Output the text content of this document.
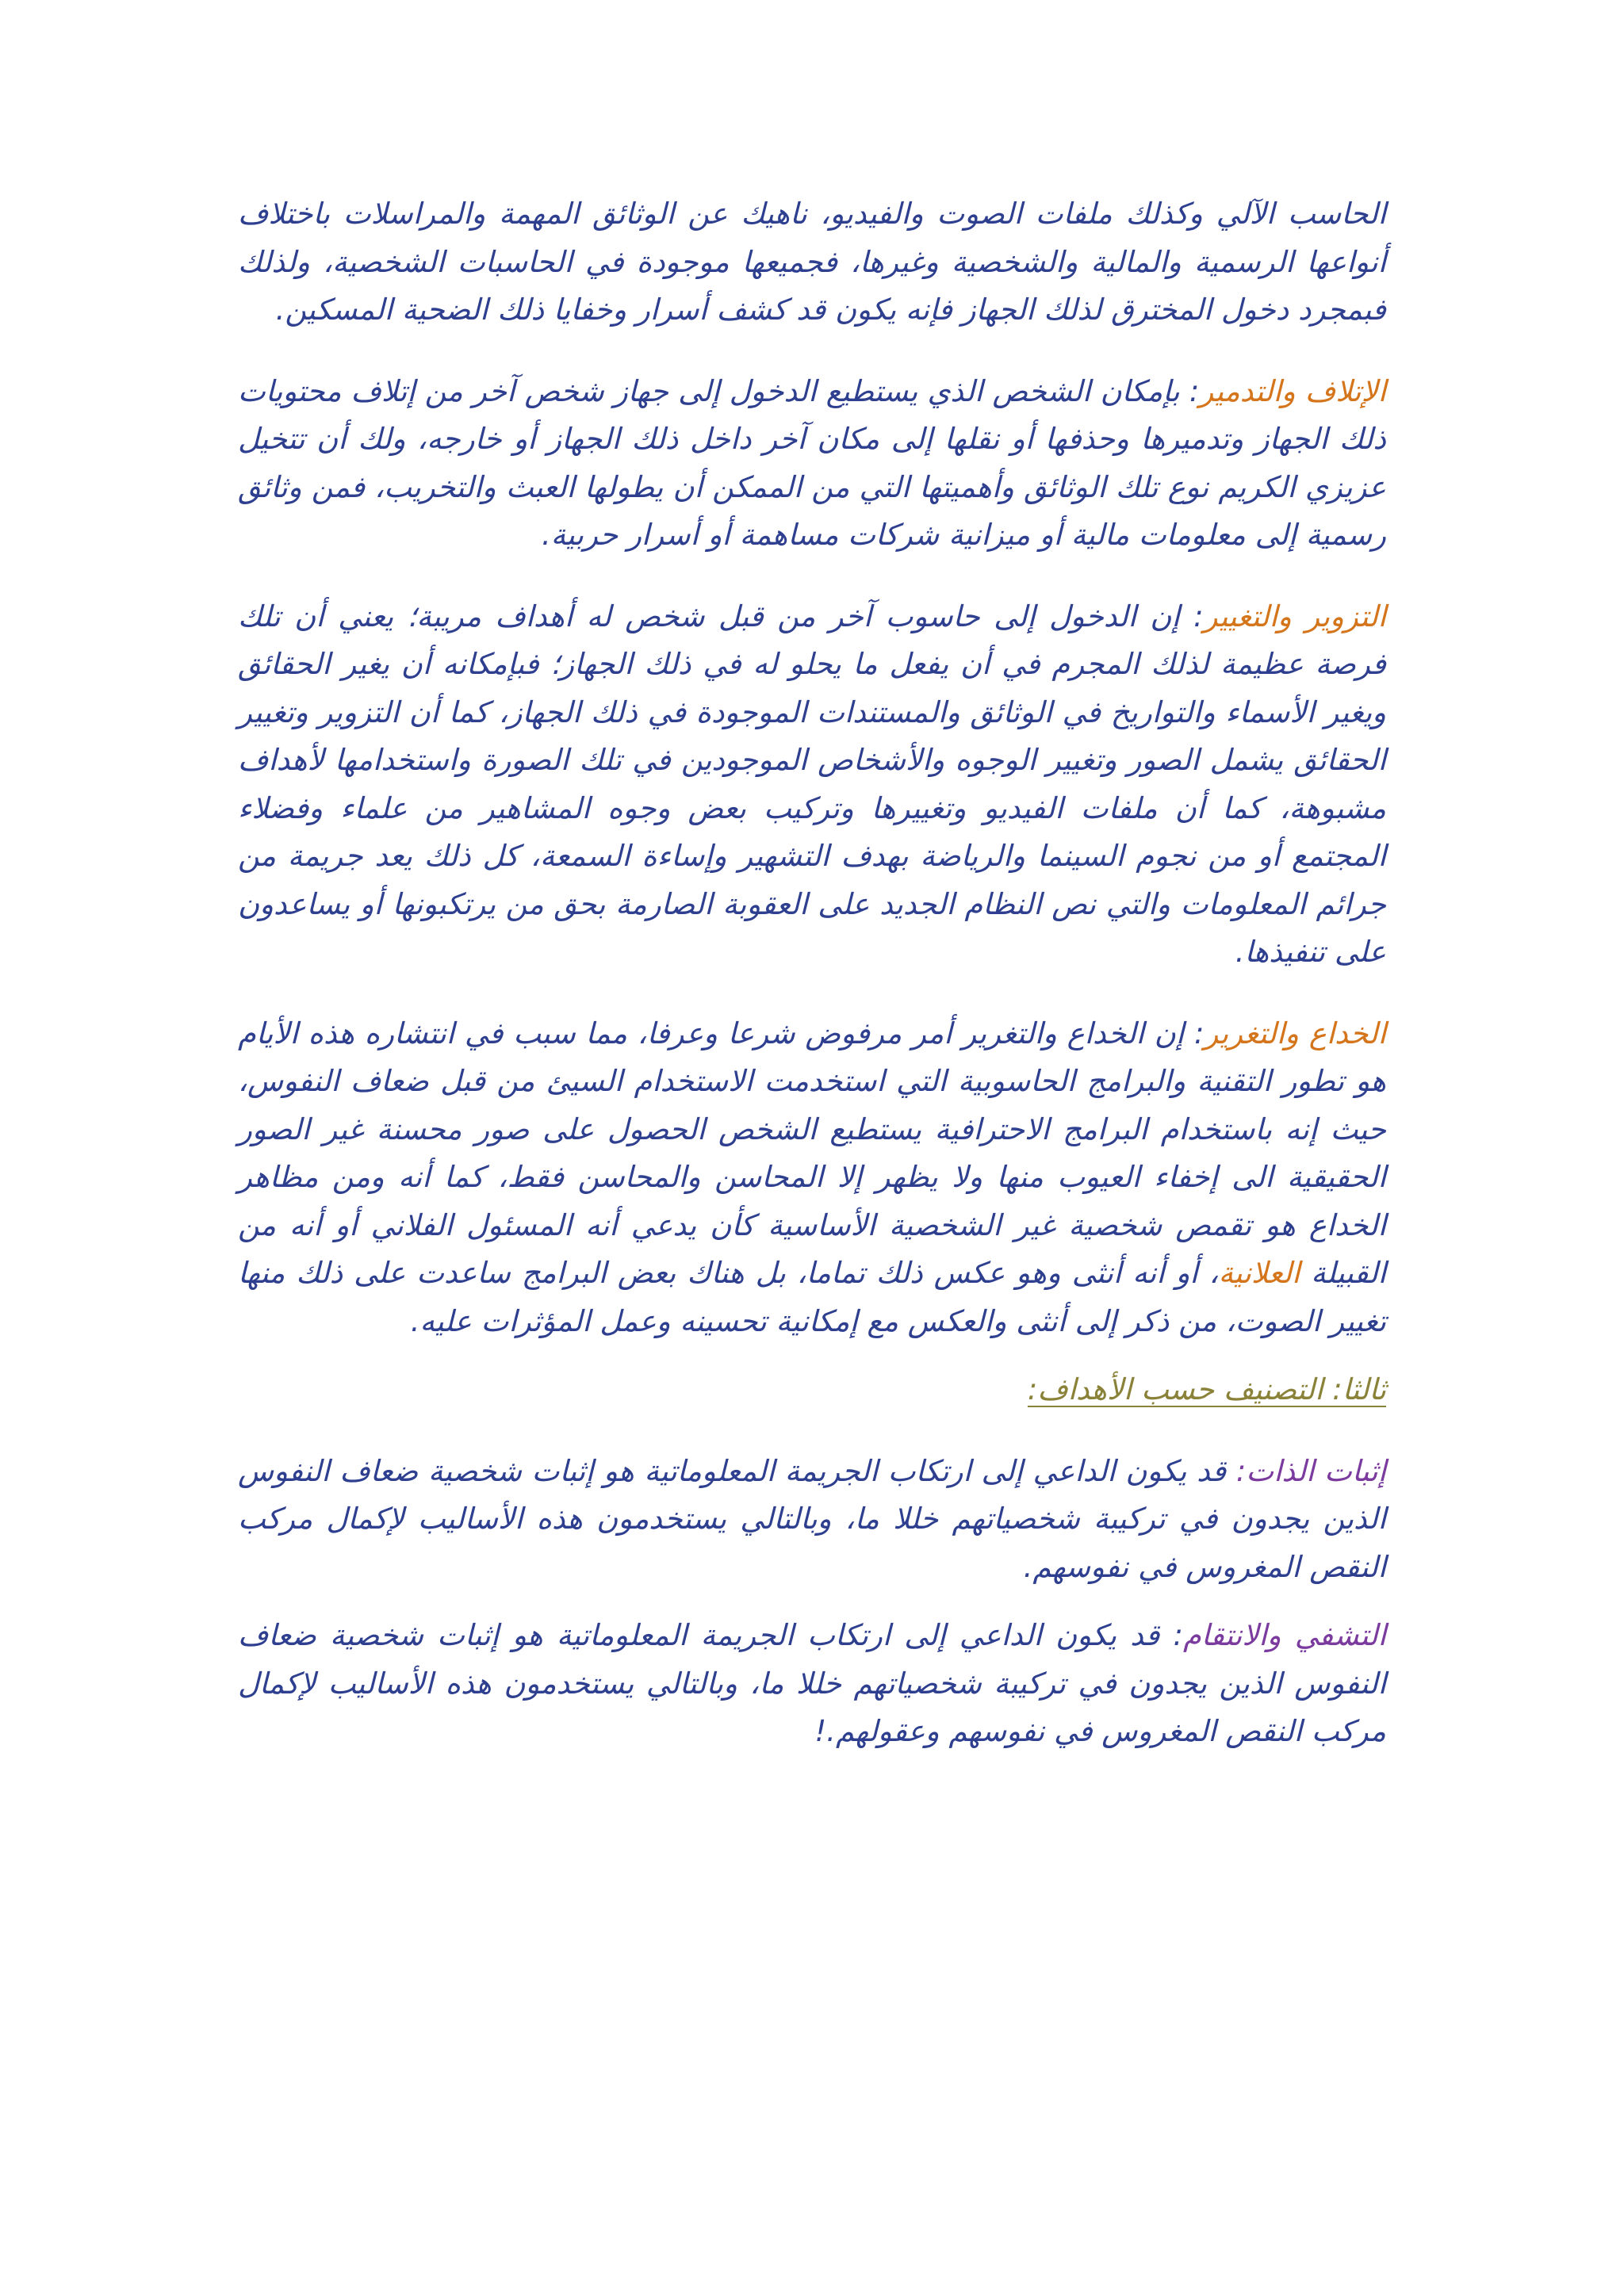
الحاسب الآلي وكذلك ملفات الصوت والفيديو، ناهيك عن الوثائق المهمة والمراسلات باختلاف أنواعها الرسمية والمالية والشخصية وغيرها، فجميعها موجودة في الحاسبات الشخصية، ولذلك فبمجرد دخول المخترق لذلك الجهاز فإنه يكون قد كشف أسرار وخفايا ذلك الضحية المسكين.

الإتلاف والتدمير: بإمكان الشخص الذي يستطيع الدخول إلى جهاز شخص آخر من إتلاف محتويات ذلك الجهاز وتدميرها وحذفها أو نقلها إلى مكان آخر داخل ذلك الجهاز أو خارجه، ولك أن تتخيل عزيزي الكريم نوع تلك الوثائق وأهميتها التي من الممكن أن يطولها العبث والتخريب، فمن وثائق رسمية إلى معلومات مالية أو ميزانية شركات مساهمة أو أسرار حربية.

التزوير والتغيير: إن الدخول إلى حاسوب آخر من قبل شخص له أهداف مريبة؛ يعني أن تلك فرصة عظيمة لذلك المجرم في أن يفعل ما يحلو له في ذلك الجهاز؛ فبإمكانه أن يغير الحقائق ويغير الأسماء والتواريخ في الوثائق والمستندات الموجودة في ذلك الجهاز، كما أن التزوير وتغيير الحقائق يشمل الصور وتغيير الوجوه والأشخاص الموجودين في تلك الصورة واستخدامها لأهداف مشبوهة، كما أن ملفات الفيديو وتغييرها وتركيب بعض وجوه المشاهير من علماء وفضلاء المجتمع أو من نجوم السينما والرياضة بهدف التشهير وإساءة السمعة، كل ذلك يعد جريمة من جرائم المعلومات والتي نص النظام الجديد على العقوبة الصارمة بحق من يرتكبونها أو يساعدون على تنفيذها.

الخداع والتغرير: إن الخداع والتغرير أمر مرفوض شرعا وعرفا، مما سبب في انتشاره هذه الأيام هو تطور التقنية والبرامج الحاسوبية التي استخدمت الاستخدام السيئ من قبل ضعاف النفوس، حيث إنه باستخدام البرامج الاحترافية يستطيع الشخص الحصول على صور محسنة غير الصور الحقيقية الى إخفاء العيوب منها ولا يظهر إلا المحاسن والمحاسن فقط، كما أنه ومن مظاهر الخداع هو تقمص شخصية غير الشخصية الأساسية كأن يدعي أنه المسئول الفلاني أو أنه من القبيلة العلانية، أو أنه أنثى وهو عكس ذلك تماما، بل هناك بعض البرامج ساعدت على ذلك منها تغيير الصوت، من ذكر إلى أنثى والعكس مع إمكانية تحسينه وعمل المؤثرات عليه.

ثالثا: التصنيف حسب الأهداف:

إثبات الذات: قد يكون الداعي إلى ارتكاب الجريمة المعلوماتية هو إثبات شخصية ضعاف النفوس الذين يجدون في تركيبة شخصياتهم خللا ما، وبالتالي يستخدمون هذه الأساليب لإكمال مركب النقص المغروس في نفوسهم.

التشفي والانتقام: قد يكون الداعي إلى ارتكاب الجريمة المعلوماتية هو إثبات شخصية ضعاف النفوس الذين يجدون في تركيبة شخصياتهم خللا ما، وبالتالي يستخدمون هذه الأساليب لإكمال مركب النقص المغروس في نفوسهم وعقولهم.!
